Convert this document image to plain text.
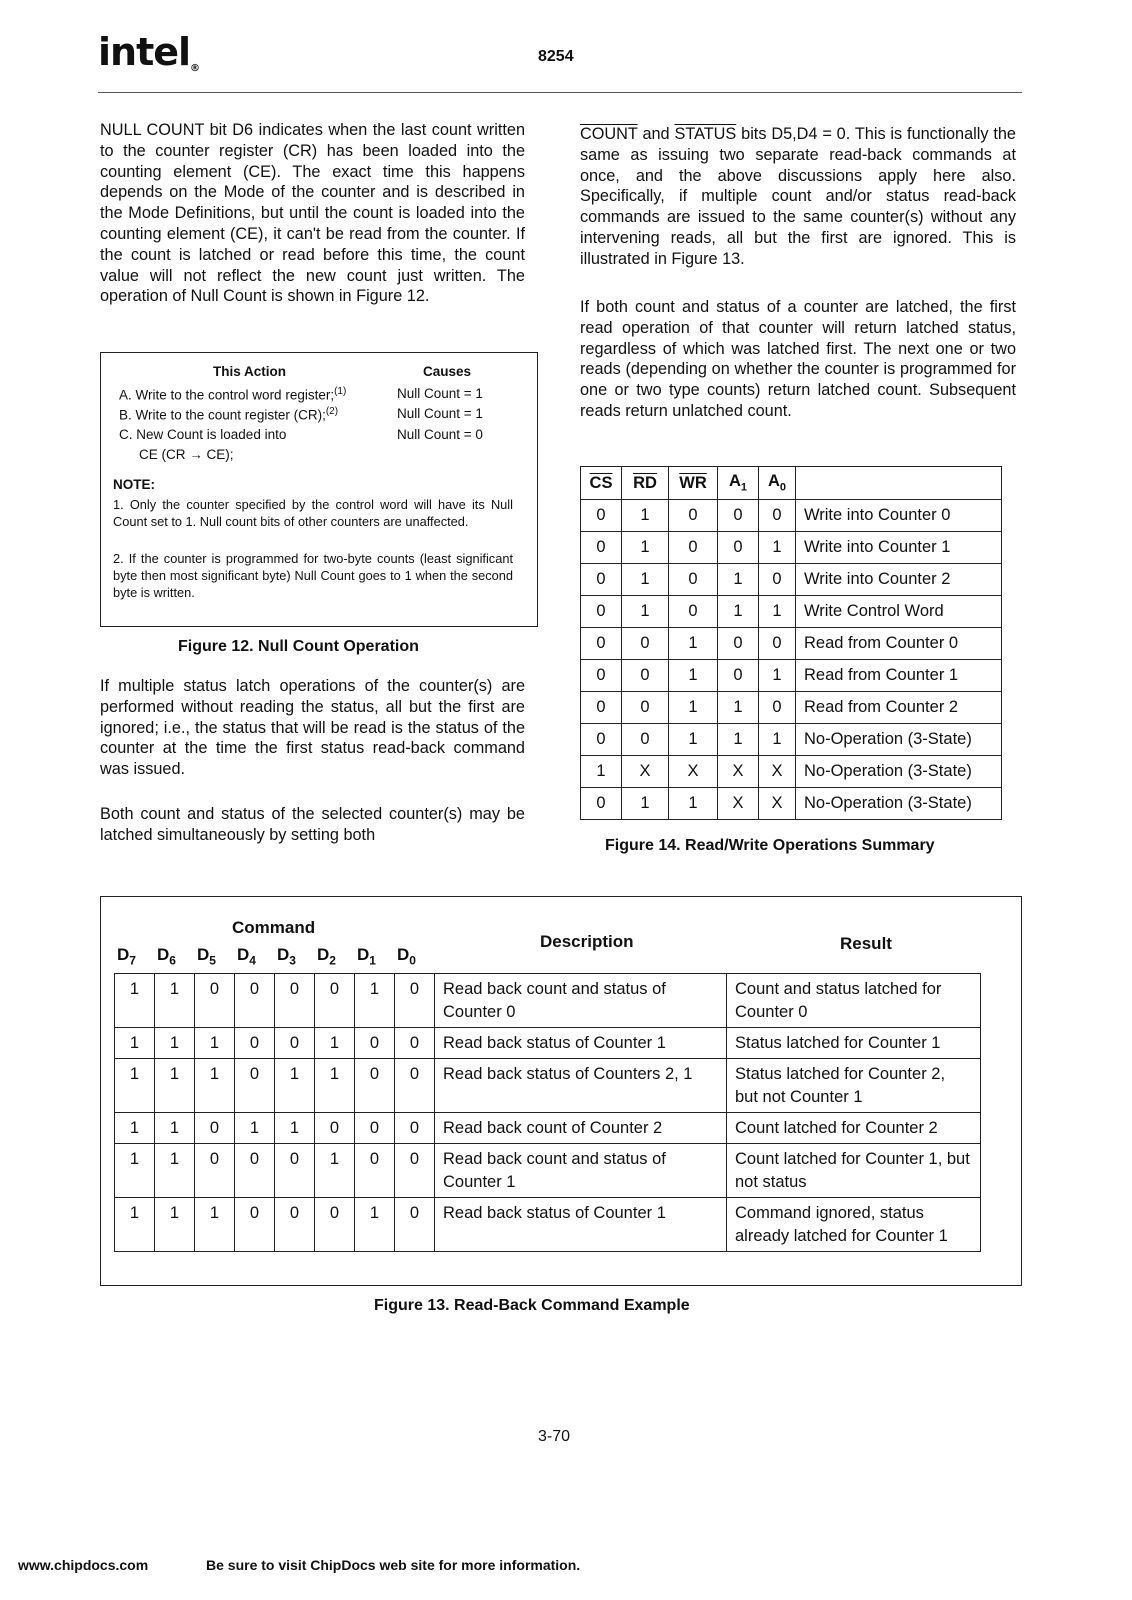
intel®
8254
NULL COUNT bit D6 indicates when the last count written to the counter register (CR) has been loaded into the counting element (CE). The exact time this happens depends on the Mode of the counter and is described in the Mode Definitions, but until the count is loaded into the counting element (CE), it can't be read from the counter. If the count is latched or read before this time, the count value will not reflect the new count just written. The operation of Null Count is shown in Figure 12.
This Action	Causes
A. Write to the control word register;$^{(1)}$	Null Count = 1
B. Write to the count register (CR);$^{(2)}$	Null Count = 1
C. New Count is loaded into	Null Count = 0
CE (CR → CE);
NOTE:
1. Only the counter specified by the control word will have its Null Count set to 1. Null count bits of other counters are unaffected.
2. If the counter is programmed for two-byte counts (least significant byte then most significant byte) Null Count goes to 1 when the second byte is written.
Figure 12. Null Count Operation
If multiple status latch operations of the counter(s) are performed without reading the status, all but the first are ignored; i.e., the status that will be read is the status of the counter at the time the first status read-back command was issued.
Both count and status of the selected counter(s) may be latched simultaneously by setting both
COUNT and STATUS bits D5,D4 = 0. This is functionally the same as issuing two separate read-back commands at once, and the above discussions apply here also. Specifically, if multiple count and/or status read-back commands are issued to the same counter(s) without any intervening reads, all but the first are ignored. This is illustrated in Figure 13.
If both count and status of a counter are latched, the first read operation of that counter will return latched status, regardless of which was latched first. The next one or two reads (depending on whether the counter is programmed for one or two type counts) return latched count. Subsequent reads return unlatched count.
$\overline{CS}$	$\overline{RD}$	$\overline{WR}$	$A_1$	$A_0$	
0	1	0	0	0	Write into Counter 0
0	1	0	0	1	Write into Counter 1
0	1	0	1	0	Write into Counter 2
0	1	0	1	1	Write Control Word
0	0	1	0	0	Read from Counter 0
0	0	1	0	1	Read from Counter 1
0	0	1	1	0	Read from Counter 2
0	0	1	1	1	No-Operation (3-State)
1	X	X	X	X	No-Operation (3-State)
0	1	1	X	X	No-Operation (3-State)
Figure 14. Read/Write Operations Summary
Command
$D_7$	$D_6$	$D_5$	$D_4$	$D_3$	$D_2$	$D_1$	$D_0$
Description	Result
1	1	0	0	0	0	1	0	Read back count and status of Counter 0	Count and status latched for Counter 0
1	1	1	0	0	1	0	0	Read back status of Counter 1	Status latched for Counter 1
1	1	1	0	1	1	0	0	Read back status of Counters 2, 1	Status latched for Counter 2, but not Counter 1
1	1	0	1	1	0	0	0	Read back count of Counter 2	Count latched for Counter 2
1	1	0	0	0	1	0	0	Read back count and status of Counter 1	Count latched for Counter 1, but not status
1	1	1	0	0	0	1	0	Read back status of Counter 1	Command ignored, status already latched for Counter 1
Figure 13. Read-Back Command Example
3-70
www.chipdocs.com	Be sure to visit ChipDocs web site for more information.
